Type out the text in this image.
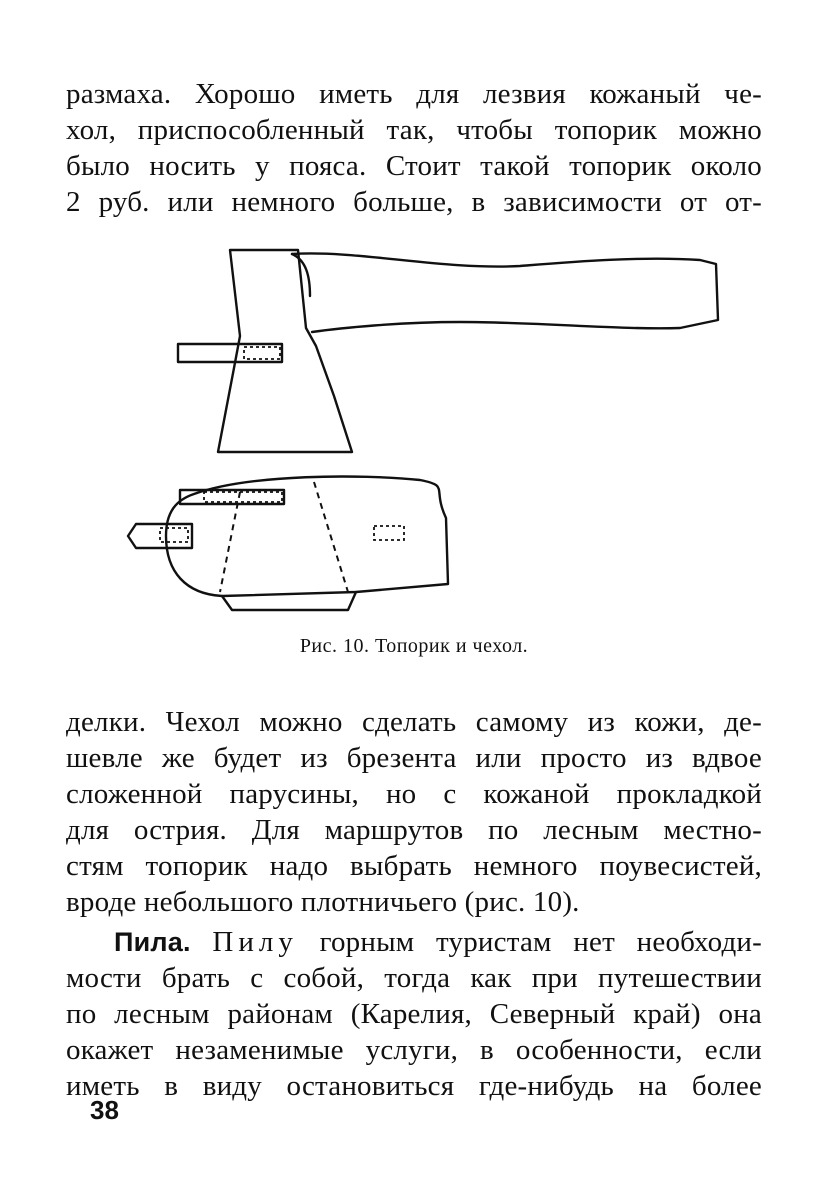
размаха. Хорошо иметь для лезвия кожаный че-
хол, приспособленный так, чтобы топорик можно
было носить у пояса. Стоит такой топорик около
2 руб. или немного больше, в зависимости от от-
Рис. 10. Топорик и чехол.
делки. Чехол можно сделать самому из кожи, де-
шевле же будет из брезента или просто из вдвое
сложенной парусины, но с кожаной прокладкой
для острия. Для маршрутов по лесным местно-
стям топорик надо выбрать немного поувесистей,
вроде небольшого плотничьего (рис. 10).
Пила. Пилу горным туристам нет необходи-
мости брать с собой, тогда как при путешествии
по лесным районам (Карелия, Северный край) она
окажет незаменимые услуги, в особенности, если
иметь в виду остановиться где-нибудь на более
38
